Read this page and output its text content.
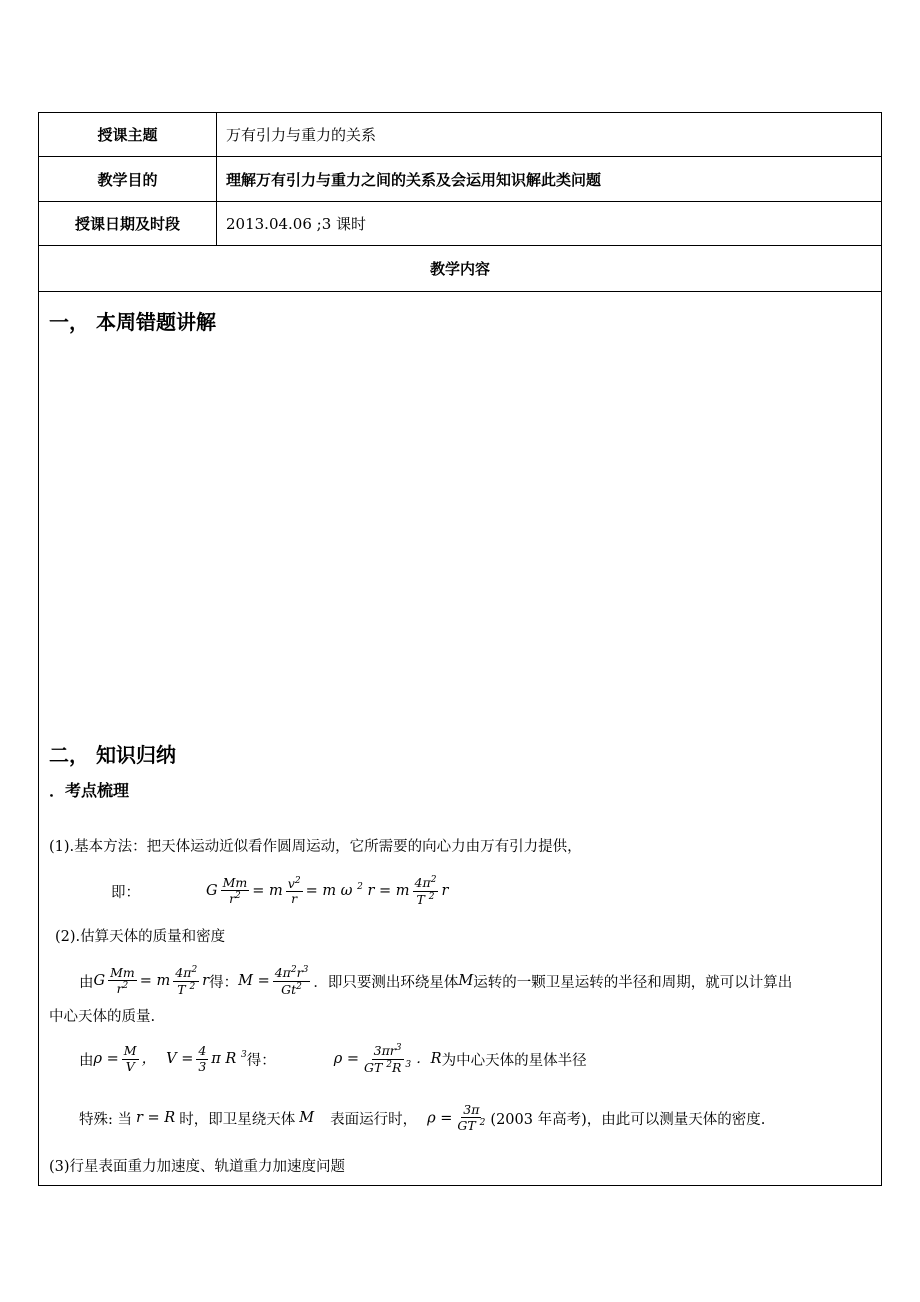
授课主题	万有引力与重力的关系
教学目的	理解万有引力与重力之间的关系及会运用知识解此类问题
授课日期及时段	2013.04.06 ;3 课时
教学内容
一， 本周错题讲解
二， 知识归纳
．考点梳理
(1).基本方法：把天体运动近似看作圆周运动，它所需要的向心力由万有引力提供，
即：	G $\frac{Mm}{r^2} = m \frac{v^2}{r} = m$ ω $^2$ r = m $\frac{4\pi^2}{T ^2}$ r
(2).估算天体的质量和密度
由 G $\frac{Mm}{r^2} = m \frac{4\pi^2}{T ^2}$ r 得： $M = \frac{4\pi^2r^3}{Gt^2}$ ．即只要测出环绕星体 M 运转的一颗卫星运转的半径和周期，就可以计算出
中心天体的质量.
由 $\rho = \frac{M}{V}$ ， $V = \frac{4}{3}$ π R $^3$ 得：	$\rho = \frac{3\pi r^3}{GT ^2R ^3}$ ．R 为中心天体的星体半径
特殊: 当 r = R 时，即卫星绕天体 M 表面运行时， $\rho = \frac{3\pi}{GT ^2} (2003$ 年高考)，由此可以测量天体的密度.
(3)行星表面重力加速度、轨道重力加速度问题
